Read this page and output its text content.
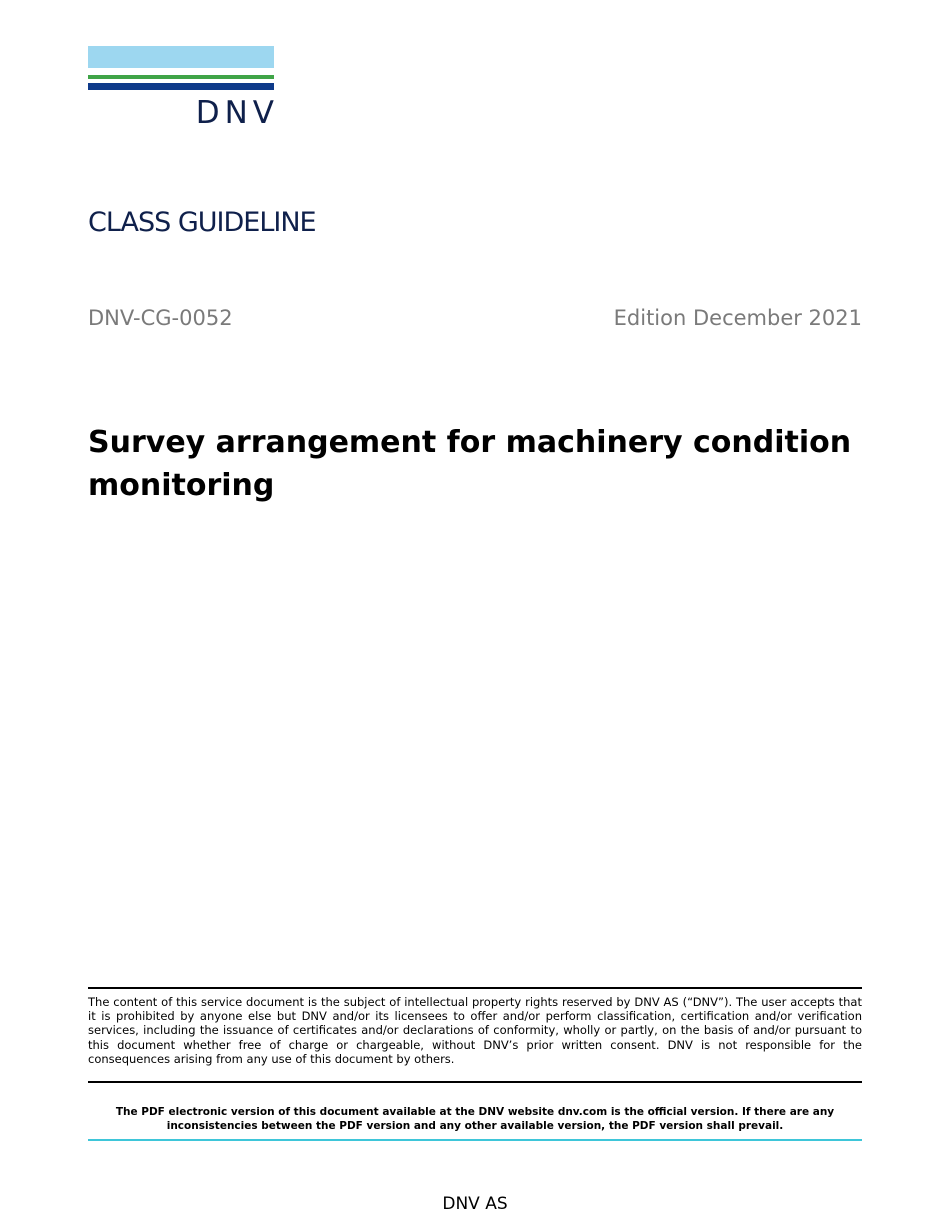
DNV
CLASS GUIDELINE
DNV-CG-0052	Edition December 2021
Survey arrangement for machinery condition monitoring

The content of this service document is the subject of intellectual property rights reserved by DNV AS (“DNV”). The user accepts that it is prohibited by anyone else but DNV and/or its licensees to offer and/or perform classification, certification and/or verification services, including the issuance of certificates and/or declarations of conformity, wholly or partly, on the basis of and/or pursuant to this document whether free of charge or chargeable, without DNV’s prior written consent. DNV is not responsible for the consequences arising from any use of this document by others.

The PDF electronic version of this document available at the DNV website dnv.com is the official version. If there are any inconsistencies between the PDF version and any other available version, the PDF version shall prevail.

DNV AS
